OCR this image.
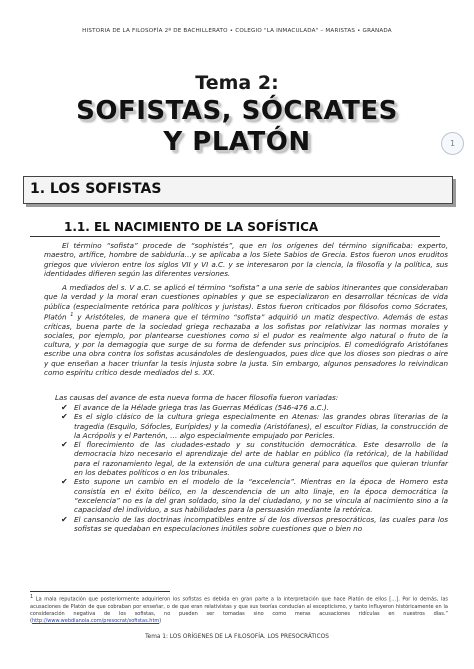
HISTORIA DE LA FILOSOFÍA 2º DE BACHILLERATO • COLEGIO "LA INMACULADA" – MARISTAS • GRANADA
Tema 2:
SOFISTAS, SÓCRATES
Y PLATÓN	1
1. LOS SOFISTAS
1.1. EL NACIMIENTO DE LA SOFÍSTICA

El término “sofista” procede de “sophistés”, que en los orígenes del término significaba: experto, maestro, artífice, hombre de sabiduría…y se aplicaba a los Siete Sabios de Grecia. Estos fueron unos eruditos griegos que vivieron entre los siglos VII y VI a.C. y se interesaron por la ciencia, la filosofía y la política, sus identidades difieren según las diferentes versiones.

A mediados del s. V a.C. se aplicó el término “sofista” a una serie de sabios itinerantes que consideraban que la verdad y la moral eran cuestiones opinables y que se especializaron en desarrollar técnicas de vida pública (especialmente retórica para políticos y juristas). Estos fueron criticados por filósofos como Sócrates, Platón $^1$ y Aristóteles, de manera que el término “sofista” adquirió un matiz despectivo. Además de estas críticas, buena parte de la sociedad griega rechazaba a los sofistas por relativizar las normas morales y sociales, por ejemplo, por plantearse cuestiones como si el pudor es realmente algo natural o fruto de la cultura, y por la demagogia que surge de su forma de defender sus principios. El comediógrafo Aristófanes escribe una obra contra los sofistas acusándoles de deslenguados, pues dice que los dioses son piedras o aire y que enseñan a hacer triunfar la tesis injusta sobre la justa. Sin embargo, algunos pensadores lo reivindican como espíritu crítico desde mediados del s. XX.

Las causas del avance de esta nueva forma de hacer filosofía fueron variadas:

✔ El avance de la Hélade griega tras las Guerras Médicas (546-476 a.C.).
✔ Es el siglo clásico de la cultura griega especialmente en Atenas: las grandes obras literarias de la tragedia (Esquilo, Sófocles, Eurípides) y la comedia (Aristófanes), el escultor Fidias, la construcción de la Acrópolis y el Partenón, … algo especialmente empujado por Pericles.
✔ El florecimiento de las ciudades-estado y su constitución democrática. Este desarrollo de la democracia hizo necesario el aprendizaje del arte de hablar en público (la retórica), de la habilidad para el razonamiento legal, de la extensión de una cultura general para aquellos que quieran triunfar en los debates políticos o en los tribunales.
✔ Esto supone un cambio en el modelo de la “excelencia”. Mientras en la época de Homero esta consistía en el éxito bélico, en la descendencia de un alto linaje, en la época democrática la “excelencia” no es la del gran soldado, sino la del ciudadano, y no se vincula al nacimiento sino a la capacidad del individuo, a sus habilidades para la persuasión mediante la retórica.
✔ El cansancio de las doctrinas incompatibles entre sí de los diversos presocráticos, las cuales para los sofistas se quedaban en especulaciones inútiles sobre cuestiones que o bien no

$^1$ La mala reputación que posteriormente adquirieron los sofistas es debida en gran parte a la interpretación que hace Platón de ellos […]. Por lo demás, las acusaciones de Platón de que cobraban por enseñar, o de que eran relativistas y que sus teorías conducían al escepticismo, y tanto influyeron históricamente en la consideración negativa de los sofistas, no pueden ser tomadas sino como meras acusaciones ridículas en nuestros días.” (http://www.webdianoia.com/presocrat/sofistas.htm)

Tema 1: LOS ORÍGENES DE LA FILOSOFÍA. LOS PRESOCRÁTICOS
